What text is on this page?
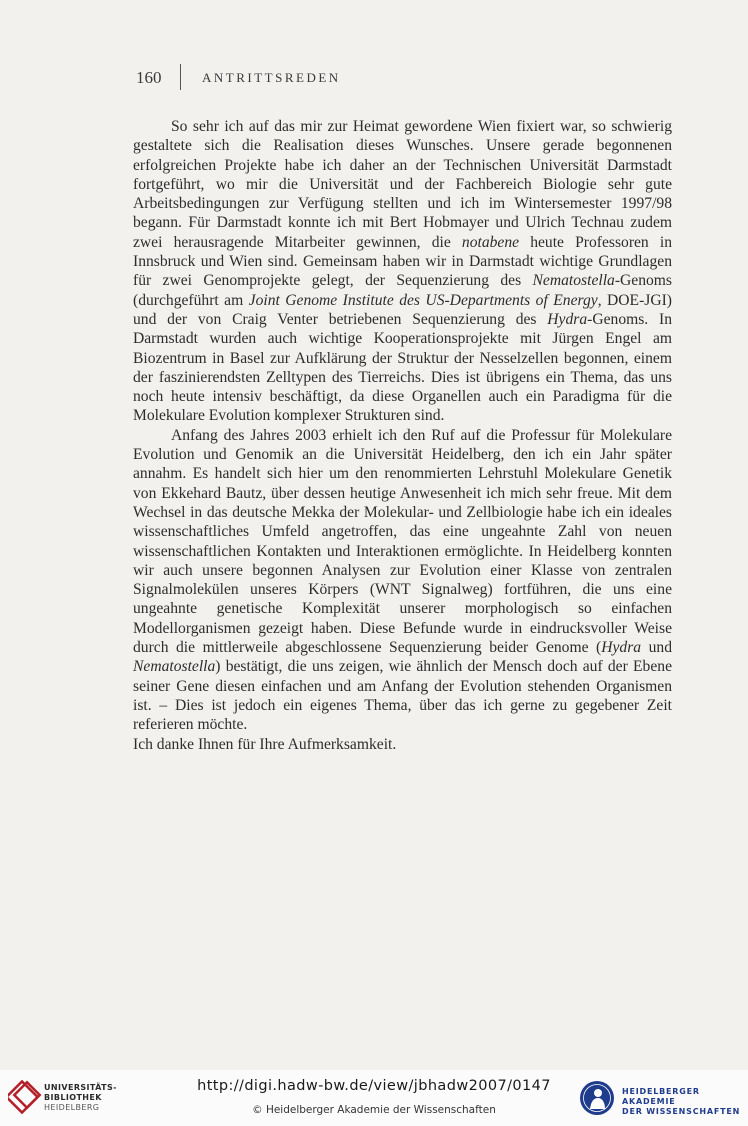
160	ANTRITTSREDEN

So sehr ich auf das mir zur Heimat gewordene Wien fixiert war, so schwierig gestaltete sich die Realisation dieses Wunsches. Unsere gerade begonnenen erfolgreichen Projekte habe ich daher an der Technischen Universität Darmstadt fortgeführt, wo mir die Universität und der Fachbereich Biologie sehr gute Arbeitsbedingungen zur Verfügung stellten und ich im Wintersemester 1997/98 begann. Für Darmstadt konnte ich mit Bert Hobmayer und Ulrich Technau zudem zwei herausragende Mitarbeiter gewinnen, die notabene heute Professoren in Innsbruck und Wien sind. Gemeinsam haben wir in Darmstadt wichtige Grundlagen für zwei Genomprojekte gelegt, der Sequenzierung des Nematostella-Genoms (durchgeführt am Joint Genome Institute des US-Departments of Energy, DOE-JGI) und der von Craig Venter betriebenen Sequenzierung des Hydra-Genoms. In Darmstadt wurden auch wichtige Kooperationsprojekte mit Jürgen Engel am Biozentrum in Basel zur Aufklärung der Struktur der Nesselzellen begonnen, einem der faszinierendsten Zelltypen des Tierreichs. Dies ist übrigens ein Thema, das uns noch heute intensiv beschäftigt, da diese Organellen auch ein Paradigma für die Molekulare Evolution komplexer Strukturen sind.

Anfang des Jahres 2003 erhielt ich den Ruf auf die Professur für Molekulare Evolution und Genomik an die Universität Heidelberg, den ich ein Jahr später annahm. Es handelt sich hier um den renommierten Lehrstuhl Molekulare Genetik von Ekkehard Bautz, über dessen heutige Anwesenheit ich mich sehr freue. Mit dem Wechsel in das deutsche Mekka der Molekular- und Zellbiologie habe ich ein ideales wissenschaftliches Umfeld angetroffen, das eine ungeahnte Zahl von neuen wissenschaftlichen Kontakten und Interaktionen ermöglichte. In Heidelberg konnten wir auch unsere begonnen Analysen zur Evolution einer Klasse von zentralen Signalmolekülen unseres Körpers (WNT Signalweg) fortführen, die uns eine ungeahnte genetische Komplexität unserer morphologisch so einfachen Modellorganismen gezeigt haben. Diese Befunde wurde in eindrucksvoller Weise durch die mittlerweile abgeschlossene Sequenzierung beider Genome (Hydra und Nematostella) bestätigt, die uns zeigen, wie ähnlich der Mensch doch auf der Ebene seiner Gene diesen einfachen und am Anfang der Evolution stehenden Organismen ist. – Dies ist jedoch ein eigenes Thema, über das ich gerne zu gegebener Zeit referieren möchte.

Ich danke Ihnen für Ihre Aufmerksamkeit.

UNIVERSITÄTS-
BIBLIOTHEK
HEIDELBERG
http://digi.hadw-bw.de/view/jbhadw2007/0147
© Heidelberger Akademie der Wissenschaften
HEIDELBERGER AKADEMIE
DER WISSENSCHAFTEN
